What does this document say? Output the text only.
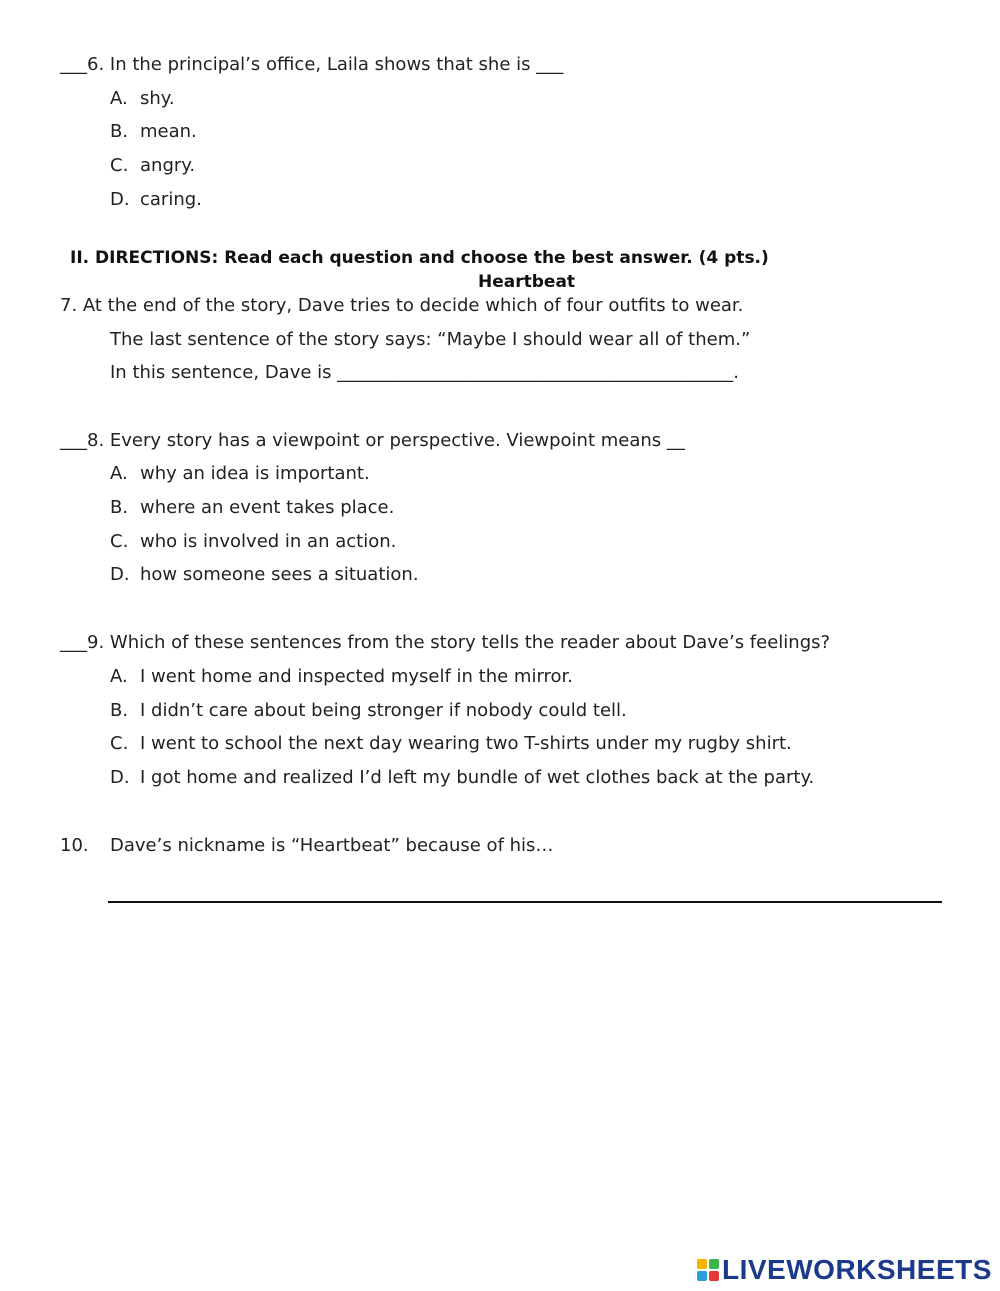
___6. In the principal’s office, Laila shows that she is ___
A. shy.
B. mean.
C. angry.
D. caring.
II. DIRECTIONS: Read each question and choose the best answer. (4 pts.)
Heartbeat
7. At the end of the story, Dave tries to decide which of four outfits to wear.
The last sentence of the story says: “Maybe I should wear all of them.”
In this sentence, Dave is ____________________________________________.
___8. Every story has a viewpoint or perspective. Viewpoint means __
A. why an idea is important.
B. where an event takes place.
C. who is involved in an action.
D. how someone sees a situation.
___9. Which of these sentences from the story tells the reader about Dave’s feelings?
A. I went home and inspected myself in the mirror.
B. I didn’t care about being stronger if nobody could tell.
C. I went to school the next day wearing two T-shirts under my rugby shirt.
D. I got home and realized I’d left my bundle of wet clothes back at the party.
10. Dave’s nickname is “Heartbeat” because of his…
LIVEWORKSHEETS
